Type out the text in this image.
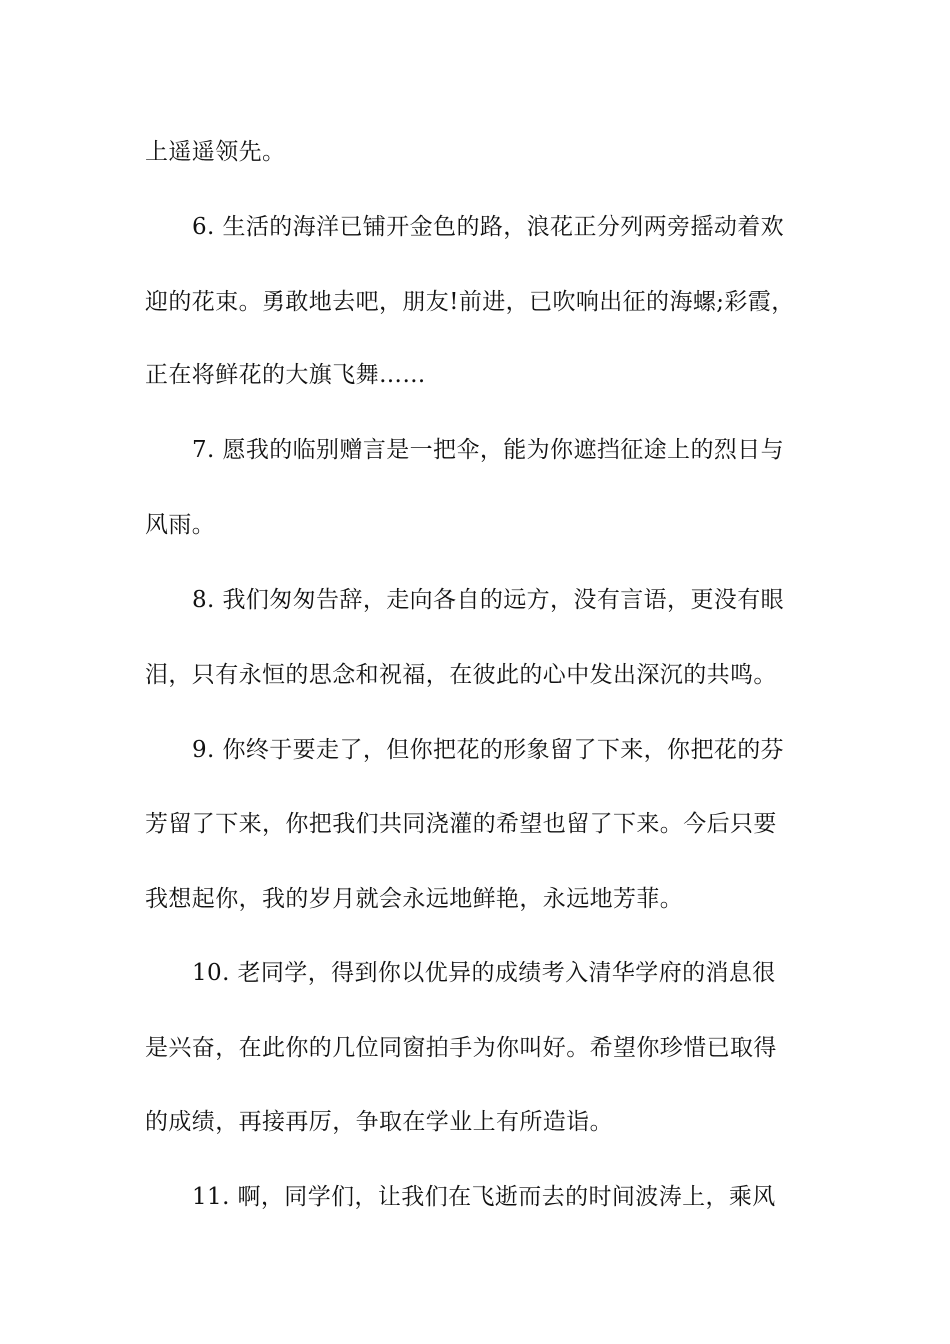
上遥遥领先。
6. 生活的海洋已铺开金色的路，浪花正分列两旁摇动着欢
迎的花束。勇敢地去吧，朋友!前进，已吹响出征的海螺;彩霞，
正在将鲜花的大旗飞舞……
7. 愿我的临别赠言是一把伞，能为你遮挡征途上的烈日与
风雨。
8. 我们匆匆告辞，走向各自的远方，没有言语，更没有眼
泪，只有永恒的思念和祝福，在彼此的心中发出深沉的共鸣。
9. 你终于要走了，但你把花的形象留了下来，你把花的芬
芳留了下来，你把我们共同浇灌的希望也留了下来。今后只要
我想起你，我的岁月就会永远地鲜艳，永远地芳菲。
10. 老同学，得到你以优异的成绩考入清华学府的消息很
是兴奋，在此你的几位同窗拍手为你叫好。希望你珍惜已取得
的成绩，再接再厉，争取在学业上有所造诣。
11. 啊，同学们，让我们在飞逝而去的时间波涛上，乘风
